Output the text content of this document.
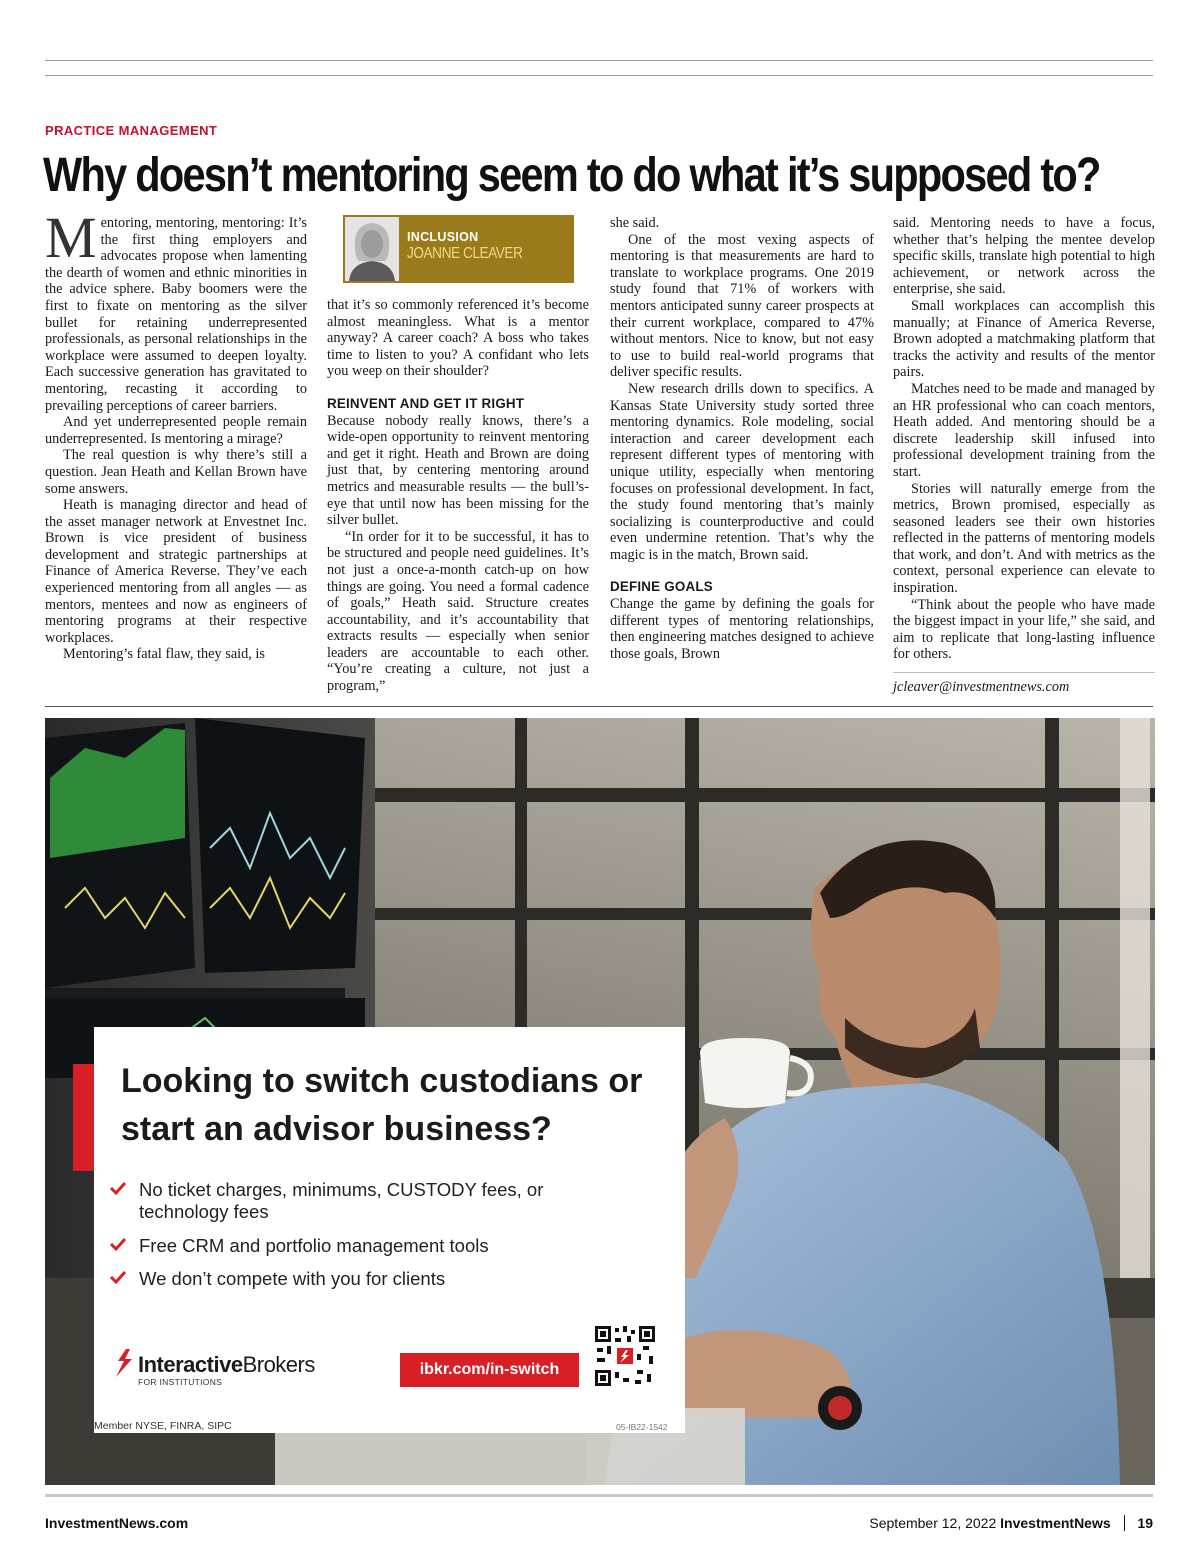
PRACTICE MANAGEMENT
Why doesn’t mentoring seem to do what it’s supposed to?

Mentoring, mentoring, mentoring: It’s the first thing employers and advocates propose when lamenting the dearth of women and ethnic minorities in the advice sphere. Baby boomers were the first to fixate on mentoring as the silver bullet for retaining underrepresented professionals, as personal relationships in the workplace were assumed to deepen loyalty. Each successive generation has gravitated to mentoring, recasting it according to prevailing perceptions of career barriers.

And yet underrepresented people remain underrepresented. Is mentoring a mirage?

The real question is why there’s still a question. Jean Heath and Kellan Brown have some answers.

Heath is managing director and head of the asset manager network at Envestnet Inc. Brown is vice president of business development and strategic partnerships at Finance of America Reverse. They’ve each experienced mentoring from all angles — as mentors, mentees and now as engineers of mentoring programs at their respective workplaces.

Mentoring’s fatal flaw, they said, is

INCLUSION
JOANNE CLEAVER

that it’s so commonly referenced it’s become almost meaningless. What is a mentor anyway? A career coach? A boss who takes time to listen to you? A confidant who lets you weep on their shoulder?

REINVENT AND GET IT RIGHT

Because nobody really knows, there’s a wide-open opportunity to reinvent mentoring and get it right. Heath and Brown are doing just that, by centering mentoring around metrics and measurable results — the bull’s-eye that until now has been missing for the silver bullet.

“In order for it to be successful, it has to be structured and people need guidelines. It’s not just a once-a-month catch-up on how things are going. You need a formal cadence of goals,” Heath said. Structure creates accountability, and it’s accountability that extracts results — especially when senior leaders are accountable to each other. “You’re creating a culture, not just a program,”

she said.

One of the most vexing aspects of mentoring is that measurements are hard to translate to workplace programs. One 2019 study found that 71% of workers with mentors anticipated sunny career prospects at their current workplace, compared to 47% without mentors. Nice to know, but not easy to use to build real-world programs that deliver specific results.

New research drills down to specifics. A Kansas State University study sorted three mentoring dynamics. Role modeling, social interaction and career development each represent different types of mentoring with unique utility, especially when mentoring focuses on professional development. In fact, the study found mentoring that’s mainly socializing is counterproductive and could even undermine retention. That’s why the magic is in the match, Brown said.

DEFINE GOALS

Change the game by defining the goals for different types of mentoring relationships, then engineering matches designed to achieve those goals, Brown

said. Mentoring needs to have a focus, whether that’s helping the mentee develop specific skills, translate high potential to high achievement, or network across the enterprise, she said.

Small workplaces can accomplish this manually; at Finance of America Reverse, Brown adopted a matchmaking platform that tracks the activity and results of the mentor pairs.

Matches need to be made and managed by an HR professional who can coach mentors, Heath added. And mentoring should be a discrete leadership skill infused into professional development training from the start.

Stories will naturally emerge from the metrics, Brown promised, especially as seasoned leaders see their own histories reflected in the patterns of mentoring models that work, and don’t. And with metrics as the context, personal experience can elevate to inspiration.

“Think about the people who have made the biggest impact in your life,” she said, and aim to replicate that long-lasting influence for others.

jcleaver@investmentnews.com
Looking to switch custodians or start an advisor business?
No ticket charges, minimums, CUSTODY fees, or technology fees
Free CRM and portfolio management tools
We don’t compete with you for clients
InteractiveBrokers
FOR INSTITUTIONS
ibkr.com/in-switch
Member NYSE, FINRA, SIPC	05-IB22-1542
InvestmentNews.com	September 12, 2022 InvestmentNews 19
